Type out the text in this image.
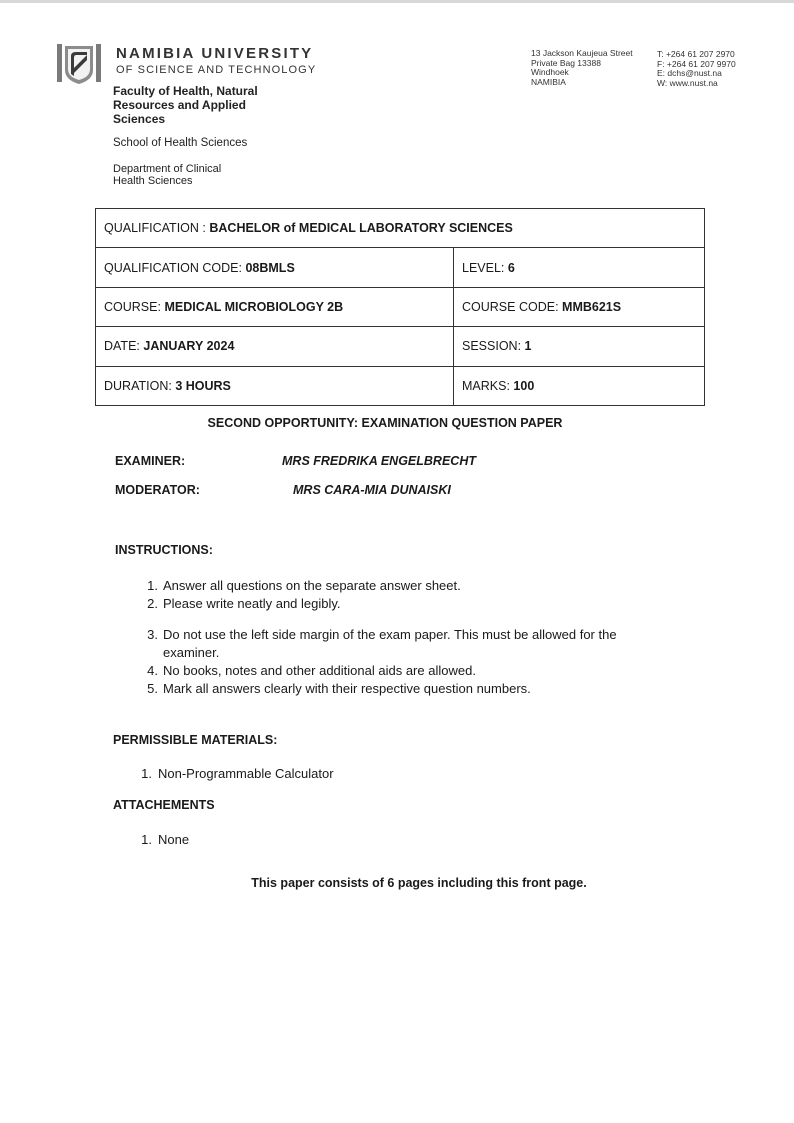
NAMIBIA UNIVERSITY
OF SCIENCE AND TECHNOLOGY
Faculty of Health, Natural
Resources and Applied
Sciences
School of Health Sciences
Department of Clinical
Health Sciences
13 Jackson Kaujeua Street
Private Bag 13388
Windhoek
NAMIBIA
T: +264 61 207 2970
F: +264 61 207 9970
E: dchs@nust.na
W: www.nust.na
QUALIFICATION : BACHELOR of MEDICAL LABORATORY SCIENCES	
QUALIFICATION CODE: 08BMLS	LEVEL: 6
COURSE: MEDICAL MICROBIOLOGY 2B	COURSE CODE: MMB621S
DATE: JANUARY 2024	SESSION: 1
DURATION: 3 HOURS	MARKS: 100
SECOND OPPORTUNITY: EXAMINATION QUESTION PAPER
EXAMINER:	MRS FREDRIKA ENGELBRECHT
MODERATOR:	MRS CARA-MIA DUNAISKI
INSTRUCTIONS:
1. Answer all questions on the separate answer sheet.
2. Please write neatly and legibly.
3. Do not use the left side margin of the exam paper. This must be allowed for the
examiner.
4. No books, notes and other additional aids are allowed.
5. Mark all answers clearly with their respective question numbers.
PERMISSIBLE MATERIALS:
1. Non-Programmable Calculator
ATTACHEMENTS
1. None
This paper consists of 6 pages including this front page.
